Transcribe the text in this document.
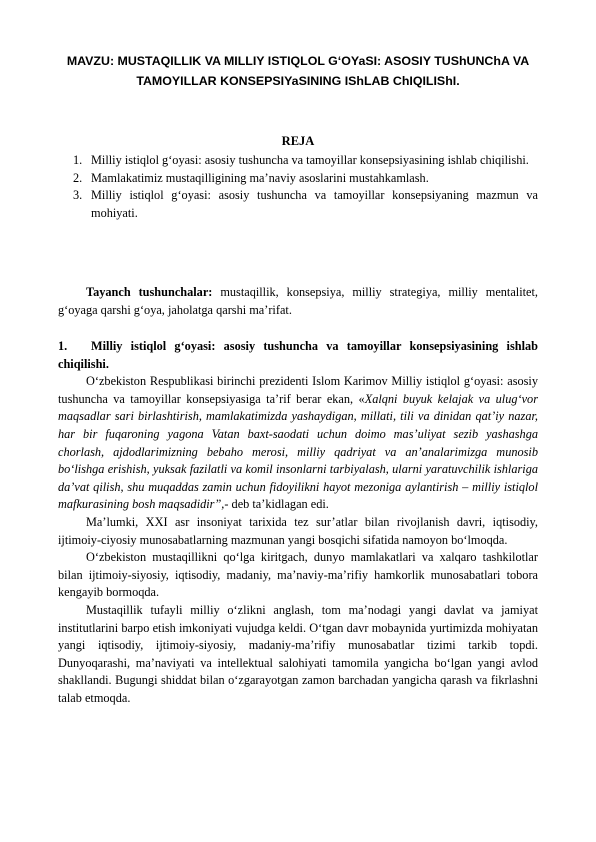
MAVZU: MUSTAQILLIK VA MILLIY ISTIQLOL G‘OYaSI: ASOSIY TUShUNChA VA TAMOYILLAR KONSEPSIYaSINING IShLAB ChIQILIShI.
REJA
1. Milliy istiqlol g‘oyasi: asosiy tushuncha va tamoyillar konsepsiyasining ishlab chiqilishi.
2. Mamlakatimiz mustaqilligining ma’naviy asoslarini mustahkamlash.
3. Milliy istiqlol g‘oyasi: asosiy tushuncha va tamoyillar konsepsiyaning mazmun va mohiyati.

Tayanch tushunchalar: mustaqillik, konsepsiya, milliy strategiya, milliy mentalitet, g‘oyaga qarshi g‘oya, jaholatga qarshi ma’rifat.

1. Milliy istiqlol g‘oyasi: asosiy tushuncha va tamoyillar konsepsiyasining ishlab chiqilishi.

O‘zbekiston Respublikasi birinchi prezidenti Islom Karimov Milliy istiqlol g‘oyasi: asosiy tushuncha va tamoyillar konsepsiyasiga ta’rif berar ekan, «Xalqni buyuk kelajak va ulug‘vor maqsadlar sari birlashtirish, mamlakatimizda yashaydigan, millati, tili va dinidan qat’iy nazar, har bir fuqaroning yagona Vatan baxt-saodati uchun doimo mas’uliyat sezib yashashga chorlash, ajdodlarimizning bebaho merosi, milliy qadriyat va an’analarimizga munosib bo‘lishga erishish, yuksak fazilatli va komil insonlarni tarbiyalash, ularni yaratuvchilik ishlariga da’vat qilish, shu muqaddas zamin uchun fidoyilikni hayot mezoniga aylantirish – milliy istiqlol mafkurasining bosh maqsadidir”,- deb ta’kidlagan edi.

Ma’lumki, XXI asr insoniyat tarixida tez sur’atlar bilan rivojlanish davri, iqtisodiy, ijtimoiy-ciyosiy munosabatlarning mazmunan yangi bosqichi sifatida namoyon bo‘lmoqda.

O‘zbekiston mustaqillikni qo‘lga kiritgach, dunyo mamlakatlari va xalqaro tashkilotlar bilan ijtimoiy-siyosiy, iqtisodiy, madaniy, ma’naviy-ma’rifiy hamkorlik munosabatlari tobora kengayib bormoqda.

Mustaqillik tufayli milliy o‘zlikni anglash, tom ma’nodagi yangi davlat va jamiyat institutlarini barpo etish imkoniyati vujudga keldi. O‘tgan davr mobaynida yurtimizda mohiyatan yangi iqtisodiy, ijtimoiy-siyosiy, madaniy-ma’rifiy munosabatlar tizimi tarkib topdi. Dunyoqarashi, ma’naviyati va intellektual salohiyati tamomila yangicha bo‘lgan yangi avlod shakllandi. Bugungi shiddat bilan o‘zgarayotgan zamon barchadan yangicha qarash va fikrlashni talab etmoqda.
